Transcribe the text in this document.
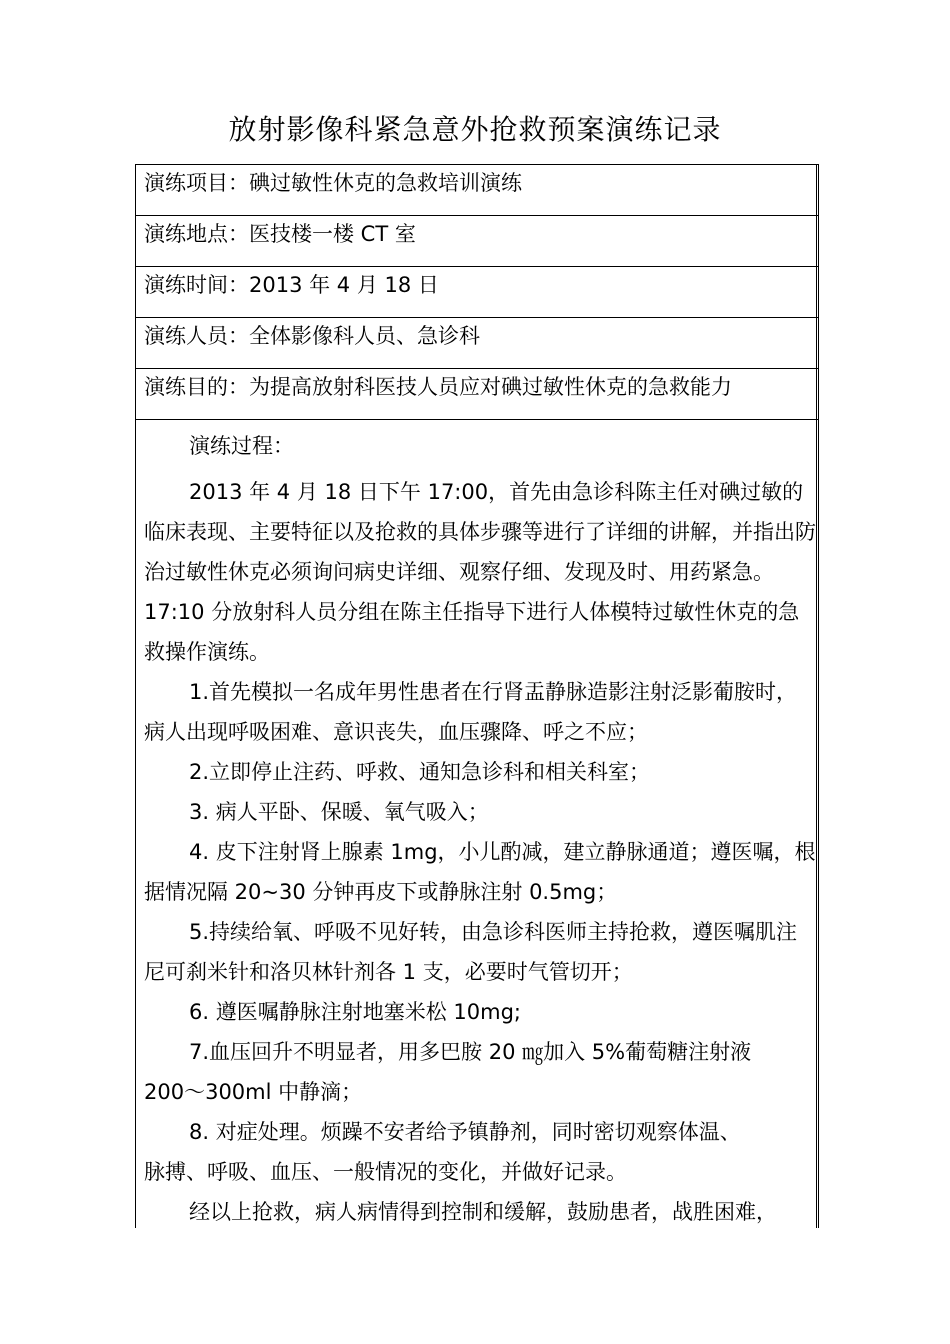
放射影像科紧急意外抢救预案演练记录
演练项目：碘过敏性休克的急救培训演练
演练地点：医技楼一楼 CT 室
演练时间：2013 年 4 月 18 日
演练人员：全体影像科人员、急诊科
演练目的：为提高放射科医技人员应对碘过敏性休克的急救能力

演练过程：

2013 年 4 月 18 日下午 17:00，首先由急诊科陈主任对碘过敏的临床表现、主要特征以及抢救的具体步骤等进行了详细的讲解，并指出防治过敏性休克必须询问病史详细、观察仔细、发现及时、用药紧急。17:10 分放射科人员分组在陈主任指导下进行人体模特过敏性休克的急救操作演练。

1.首先模拟一名成年男性患者在行肾盂静脉造影注射泛影葡胺时，病人出现呼吸困难、意识丧失，血压骤降、呼之不应；

2.立即停止注药、呼救、通知急诊科和相关科室；

3. 病人平卧、保暖、氧气吸入；

4. 皮下注射肾上腺素 1mg，小儿酌减，建立静脉通道；遵医嘱，根据情况隔 20~30 分钟再皮下或静脉注射 0.5mg；

5.持续给氧、呼吸不见好转，由急诊科医师主持抢救，遵医嘱肌注尼可刹米针和洛贝林针剂各 1 支，必要时气管切开；

6. 遵医嘱静脉注射地塞米松 10mg;

7.血压回升不明显者，用多巴胺 20 ㎎加入 5%葡萄糖注射液

200～300ml 中静滴；

8. 对症处理。烦躁不安者给予镇静剂，同时密切观察体温、

脉搏、呼吸、血压、一般情况的变化，并做好记录。

经以上抢救，病人病情得到控制和缓解，鼓励患者，战胜困难，
